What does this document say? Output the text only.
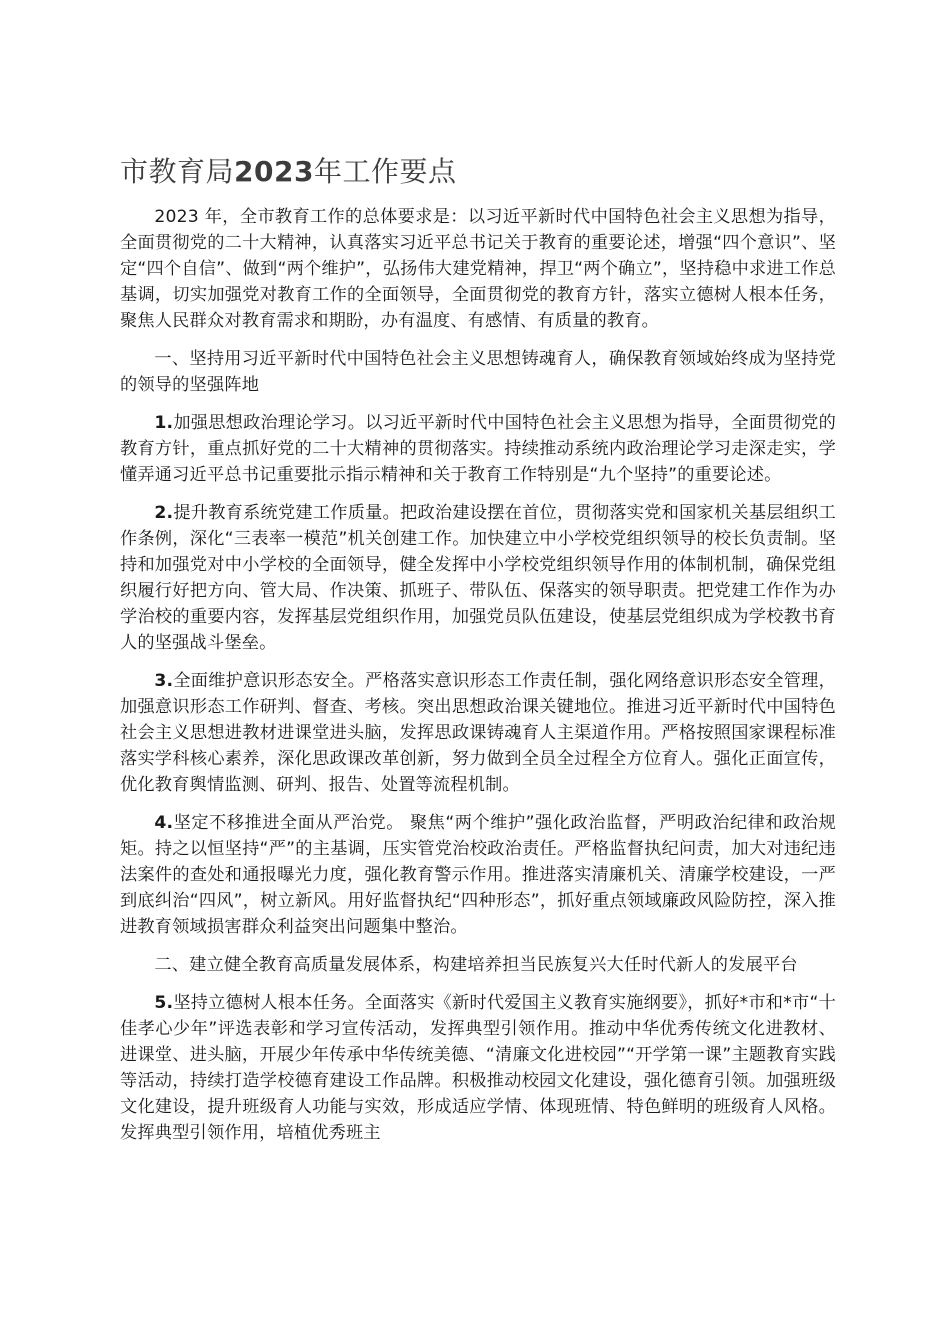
市教育局2023年工作要点

2023 年，全市教育工作的总体要求是：以习近平新时代中国特色社会主义思想为指导，全面贯彻党的二十大精神，认真落实习近平总书记关于教育的重要论述，增强“四个意识”、坚定“四个自信”、做到“两个维护”，弘扬伟大建党精神，捍卫“两个确立”，坚持稳中求进工作总基调，切实加强党对教育工作的全面领导，全面贯彻党的教育方针，落实立德树人根本任务，聚焦人民群众对教育需求和期盼，办有温度、有感情、有质量的教育。

一、坚持用习近平新时代中国特色社会主义思想铸魂育人，确保教育领域始终成为坚持党的领导的坚强阵地

1.加强思想政治理论学习。以习近平新时代中国特色社会主义思想为指导，全面贯彻党的教育方针，重点抓好党的二十大精神的贯彻落实。持续推动系统内政治理论学习走深走实，学懂弄通习近平总书记重要批示指示精神和关于教育工作特别是“九个坚持”的重要论述。

2.提升教育系统党建工作质量。把政治建设摆在首位，贯彻落实党和国家机关基层组织工作条例，深化“三表率一模范”机关创建工作。加快建立中小学校党组织领导的校长负责制。坚持和加强党对中小学校的全面领导，健全发挥中小学校党组织领导作用的体制机制，确保党组织履行好把方向、管大局、作决策、抓班子、带队伍、保落实的领导职责。把党建工作作为办学治校的重要内容，发挥基层党组织作用，加强党员队伍建设，使基层党组织成为学校教书育人的坚强战斗堡垒。

3.全面维护意识形态安全。严格落实意识形态工作责任制，强化网络意识形态安全管理，加强意识形态工作研判、督查、考核。突出思想政治课关键地位。推进习近平新时代中国特色社会主义思想进教材进课堂进头脑，发挥思政课铸魂育人主渠道作用。严格按照国家课程标准落实学科核心素养，深化思政课改革创新，努力做到全员全过程全方位育人。强化正面宣传，优化教育舆情监测、研判、报告、处置等流程机制。

4.坚定不移推进全面从严治党。 聚焦“两个维护”强化政治监督，严明政治纪律和政治规矩。持之以恒坚持“严”的主基调，压实管党治校政治责任。严格监督执纪问责，加大对违纪违法案件的查处和通报曝光力度，强化教育警示作用。推进落实清廉机关、清廉学校建设，一严到底纠治“四风”，树立新风。用好监督执纪“四种形态”，抓好重点领域廉政风险防控，深入推进教育领域损害群众利益突出问题集中整治。

二、建立健全教育高质量发展体系，构建培养担当民族复兴大任时代新人的发展平台

5.坚持立德树人根本任务。全面落实《新时代爱国主义教育实施纲要》，抓好*市和*市“十佳孝心少年”评选表彰和学习宣传活动，发挥典型引领作用。推动中华优秀传统文化进教材、进课堂、进头脑，开展少年传承中华传统美德、“清廉文化进校园”“开学第一课”主题教育实践等活动，持续打造学校德育建设工作品牌。积极推动校园文化建设，强化德育引领。加强班级文化建设，提升班级育人功能与实效，形成适应学情、体现班情、特色鲜明的班级育人风格。发挥典型引领作用，培植优秀班主
